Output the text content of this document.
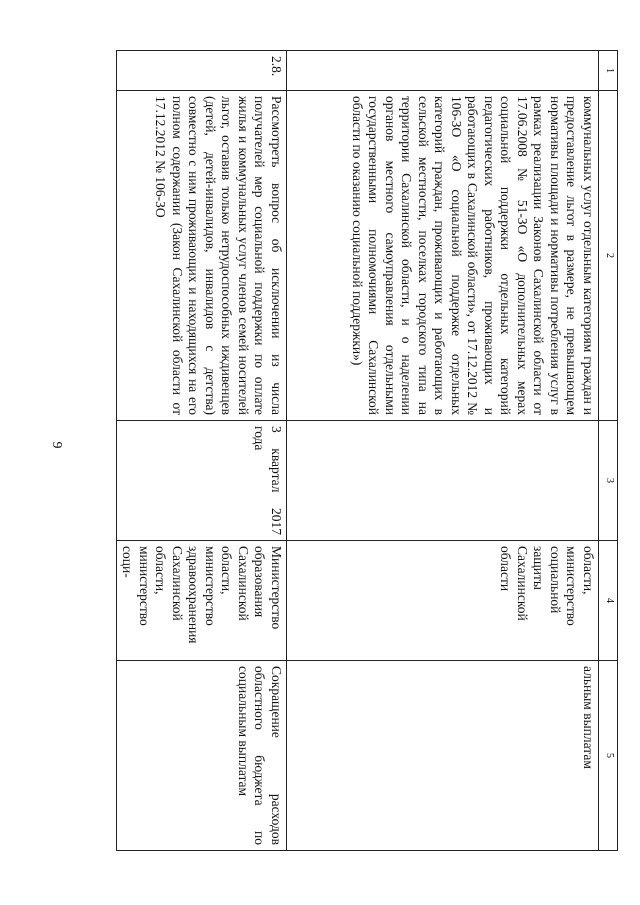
9
1	2	3	4	5
	коммунальных услуг отдельным категориям граждан и предоставление льгот в размере, не превышающем нормативы площади и нормативы потребления услуг в рамках реализации Законов Сахалинской области от 17.06.2008 № 51-ЗО «О дополнительных мерах социальной поддержки отдельных категорий педагогических работников, проживающих и работающих в Сахалинской области», от 17.12.2012 № 106-ЗО «О социальной поддержке отдельных категорий граждан, проживающих и работающих в сельской местности, поселках городского типа на территории Сахалинской области, и о наделении органов местного самоуправления отдельными государственными полномочиями Сахалинской области по оказанию социальной поддержки»)		области, министерство социальной защиты Сахалинской области	альным выплатам
2.8.	Рассмотреть вопрос об исключении из числа получателей мер социальной поддержки по оплате жилья и коммунальных услуг членов семей носителей льгот, оставив только нетрудоспособных иждивенцев (детей, детей-инвалидов, инвалидов с детства) совместно с ним проживающих и находящихся на его полном содержании (Закон Сахалинской области от 17.12.2012 № 106-ЗО	3 квартал 2017 года	Министерство образования Сахалинской области, министерство здравоохранения Сахалинской области, министерство соци-	Сокращение расходов областного бюджета по социальным выплатам
